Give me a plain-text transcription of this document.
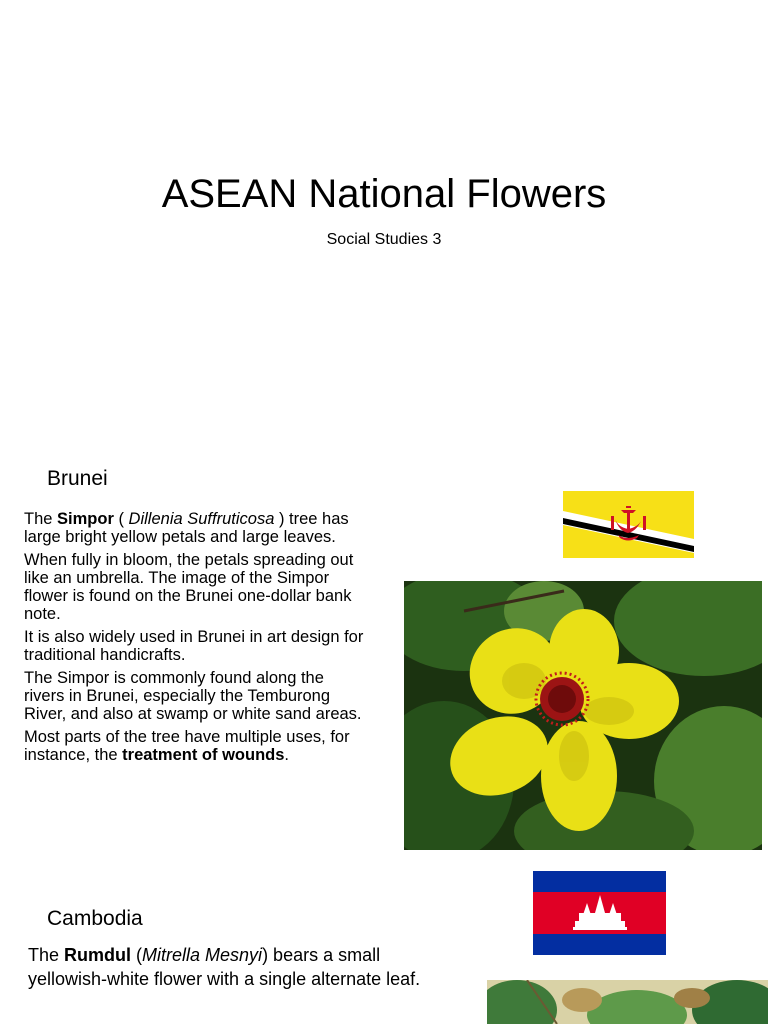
ASEAN National Flowers
Social Studies 3
Brunei

The Simpor ( Dillenia Suffruticosa ) tree has large bright yellow petals and large leaves.

When fully in bloom, the petals spreading out like an umbrella. The image of the Simpor flower is found on the Brunei one-dollar bank note.

It is also widely used in Brunei in art design for traditional handicrafts.

The Simpor is commonly found along the rivers in Brunei, especially the Temburong River, and also at swamp or white sand areas.

Most parts of the tree have multiple uses, for instance, the treatment of wounds.

Cambodia

The Rumdul (Mitrella Mesnyi) bears a small yellowish-white flower with a single alternate leaf.
